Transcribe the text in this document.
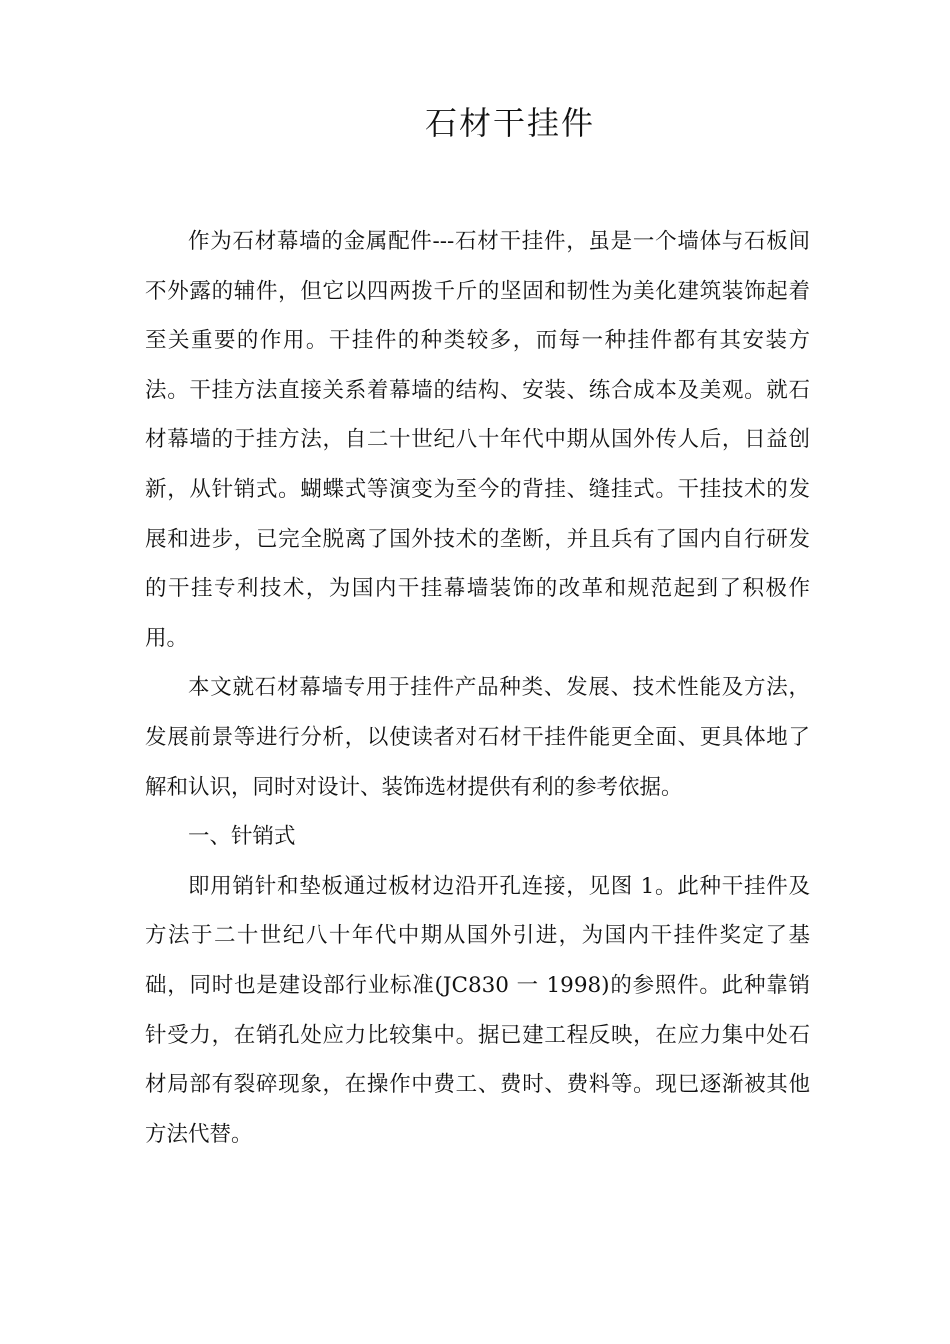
石材干挂件

作为石材幕墙的金属配件---石材干挂件，虽是一个墙体与石板间不外露的辅件，但它以四两拨千斤的坚固和韧性为美化建筑装饰起着至关重要的作用。干挂件的种类较多，而每一种挂件都有其安装方法。干挂方法直接关系着幕墙的结构、安装、练合成本及美观。就石材幕墙的于挂方法，自二十世纪八十年代中期从国外传人后，日益创新，从针销式。蝴蝶式等演变为至今的背挂、缝挂式。干挂技术的发展和进步，已完全脱离了国外技术的垄断，并且兵有了国内自行研发的干挂专利技术，为国内干挂幕墙装饰的改革和规范起到了积极作用。

本文就石材幕墙专用于挂件产品种类、发展、技术性能及方法，发展前景等进行分析，以使读者对石材干挂件能更全面、更具体地了解和认识，同时对设计、装饰选材提供有利的参考依据。

一、针销式

即用销针和垫板通过板材边沿开孔连接，见图 1。此种干挂件及方法于二十世纪八十年代中期从国外引进，为国内干挂件奖定了基础，同时也是建设部行业标准(JC830 一 1998)的参照件。此种靠销针受力，在销孔处应力比较集中。据已建工程反映，在应力集中处石材局部有裂碎现象，在操作中费工、费时、费料等。现巳逐渐被其他方法代替。
